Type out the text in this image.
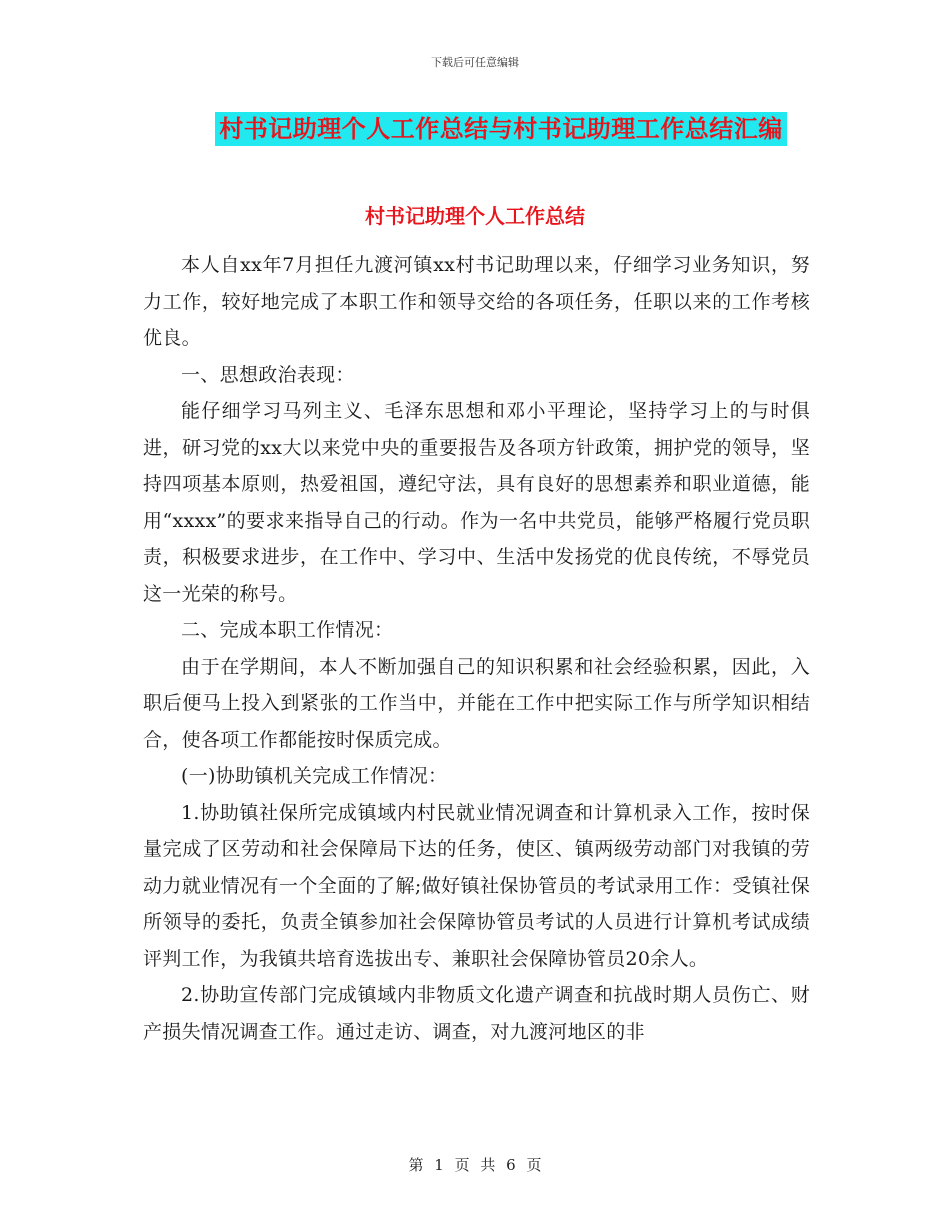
下载后可任意编辑
村书记助理个人工作总结与村书记助理工作总结汇编
村书记助理个人工作总结

本人自xx年7月担任九渡河镇xx村书记助理以来，仔细学习业务知识，努力工作，较好地完成了本职工作和领导交给的各项任务，任职以来的工作考核优良。

一、思想政治表现：

能仔细学习马列主义、毛泽东思想和邓小平理论，坚持学习上的与时俱进，研习党的xx大以来党中央的重要报告及各项方针政策，拥护党的领导，坚持四项基本原则，热爱祖国，遵纪守法，具有良好的思想素养和职业道德，能用“xxxx”的要求来指导自己的行动。作为一名中共党员，能够严格履行党员职责，积极要求进步，在工作中、学习中、生活中发扬党的优良传统，不辱党员这一光荣的称号。

二、完成本职工作情况：

由于在学期间，本人不断加强自己的知识积累和社会经验积累，因此，入职后便马上投入到紧张的工作当中，并能在工作中把实际工作与所学知识相结合，使各项工作都能按时保质完成。

(一)协助镇机关完成工作情况：

1.协助镇社保所完成镇域内村民就业情况调查和计算机录入工作，按时保量完成了区劳动和社会保障局下达的任务，使区、镇两级劳动部门对我镇的劳动力就业情况有一个全面的了解;做好镇社保协管员的考试录用工作：受镇社保所领导的委托，负责全镇参加社会保障协管员考试的人员进行计算机考试成绩评判工作，为我镇共培育选拔出专、兼职社会保障协管员20余人。

2.协助宣传部门完成镇域内非物质文化遗产调查和抗战时期人员伤亡、财产损失情况调查工作。通过走访、调查，对九渡河地区的非

第 1 页 共 6 页
